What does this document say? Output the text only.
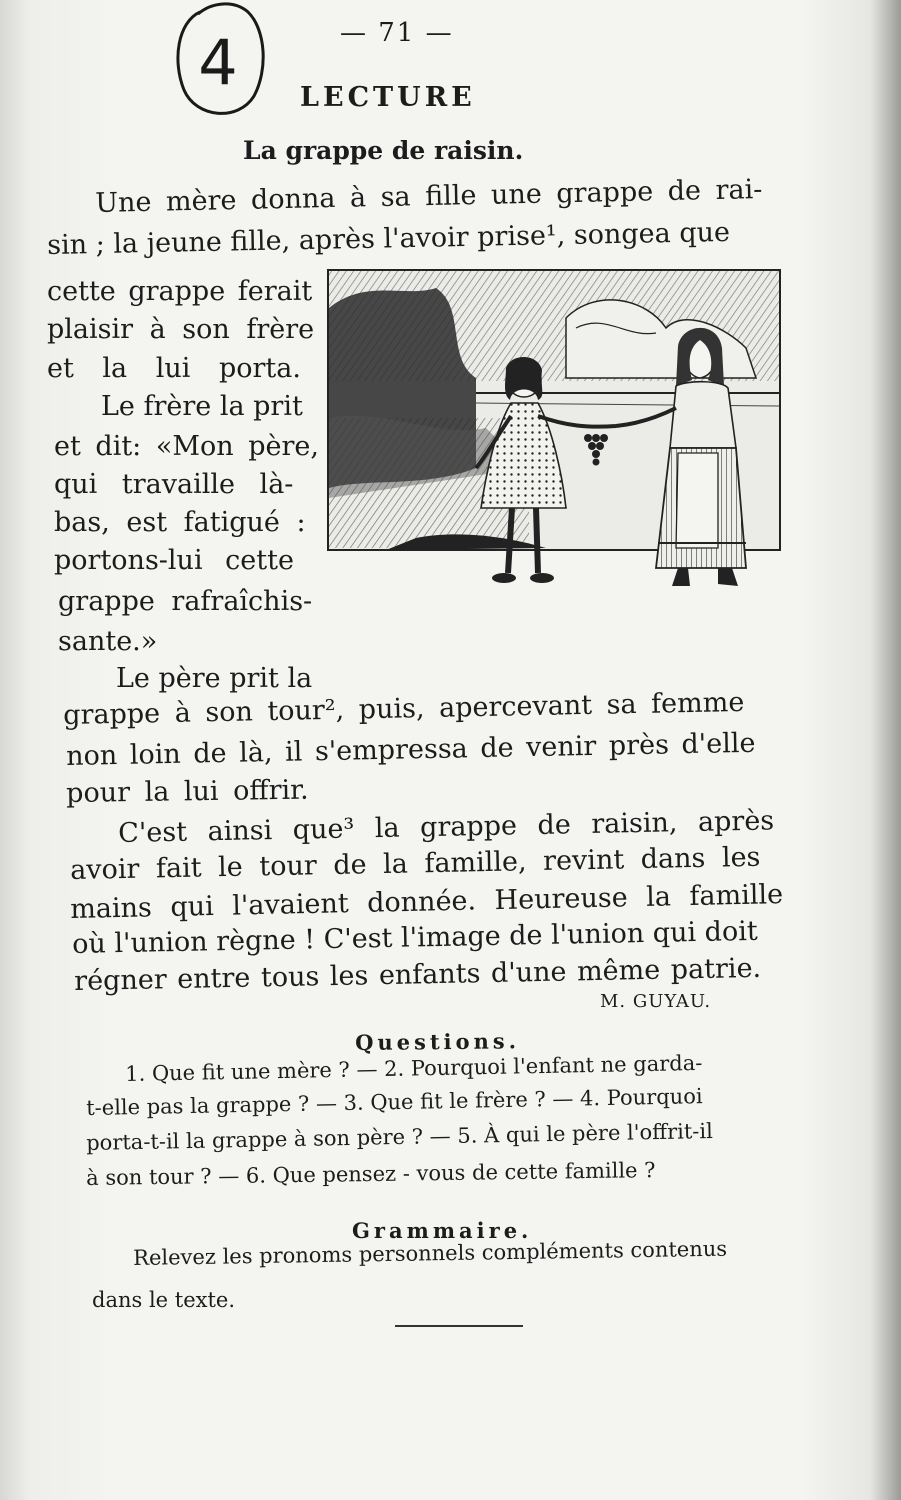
— 71 —
4 LECTURE
La grappe de raisin.
Une mère donna à sa fille une grappe de rai-
sin ; la jeune fille, après l'avoir prise¹, songea que
cette grappe ferait
plaisir à son frère
et la lui porta.
Le frère la prit
et dit: «Mon père,
qui travaille là-
bas, est fatigué :
portons-lui cette
grappe rafraîchis-
sante.»
Le père prit la
grappe à son tour², puis, apercevant sa femme
non loin de là, il s'empressa de venir près d'elle
pour la lui offrir.
C'est ainsi que³ la grappe de raisin, après
avoir fait le tour de la famille, revint dans les
mains qui l'avaient donnée. Heureuse la famille
où l'union règne ! C'est l'image de l'union qui doit
régner entre tous les enfants d'une même patrie.
M. GUYAU.
Questions.
1. Que fit une mère ? — 2. Pourquoi l'enfant ne garda-
t-elle pas la grappe ? — 3. Que fit le frère ? — 4. Pourquoi
porta-t-il la grappe à son père ? — 5. À qui le père l'offrit-il
à son tour ? — 6. Que pensez - vous de cette famille ?
Grammaire.
Relevez les pronoms personnels compléments contenus
dans le texte.
